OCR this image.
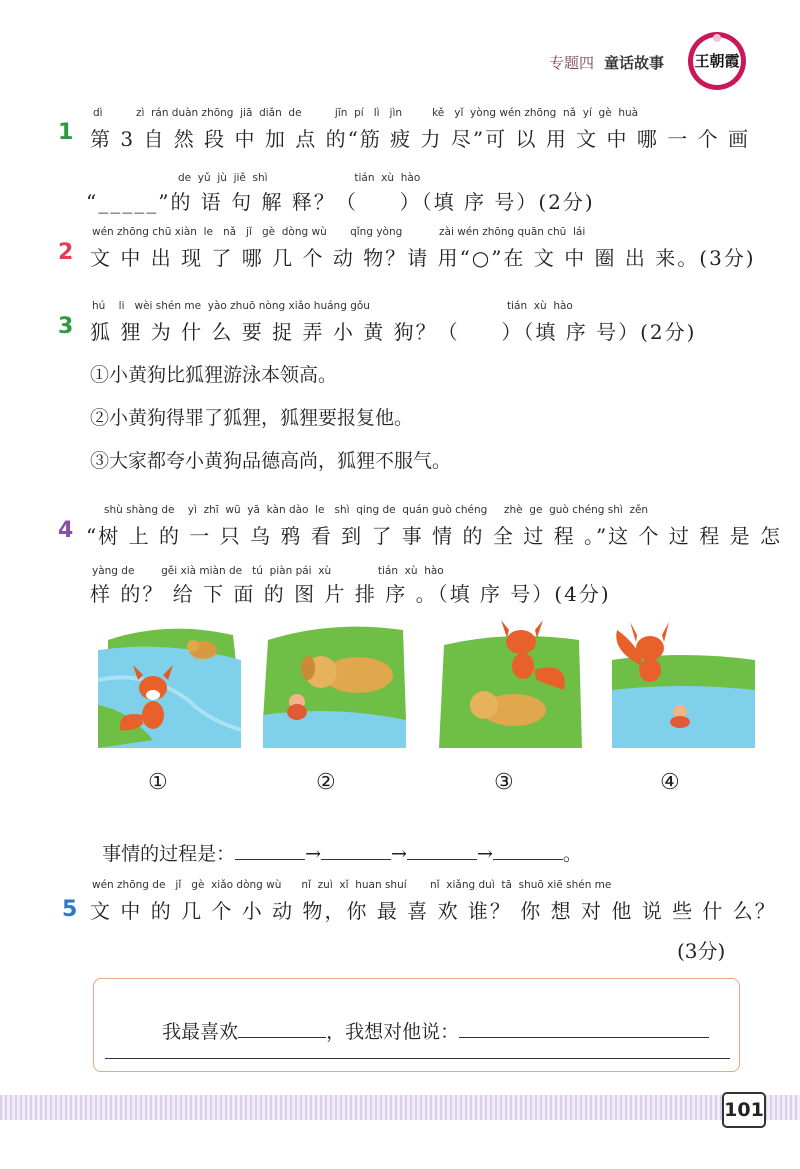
专题四 童话故事 王朝霞
1
dì          zì  rán duàn zhōng  jiā  diǎn  de          jīn  pí   lì   jìn         kě   yǐ  yòng wén zhōng  nǎ  yí  gè  huà
第 3 自 然 段 中 加 点 的“筋 疲 力 尽”可 以 用 文 中 哪 一 个 画
de  yǔ  jù  jiě  shì                          tián  xù  hào
“_____”的 语 句 解 释？（     ）（填 序 号）(2分)
2
wén zhōng chū xiàn  le   nǎ   jǐ   gè  dòng wù       qǐng yòng           zài wén zhōng quān chū  lái
文 中 出 现 了 哪 几 个 动 物？请 用“○”在 文 中 圈 出 来。(3分)
3
hú    li   wèi shén me  yào zhuō nòng xiǎo huáng gǒu	tián  xù  hào
狐 狸 为 什 么 要 捉 弄 小 黄 狗？（     ）（填 序 号）(2分)
①小黄狗比狐狸游泳本领高。
②小黄狗得罪了狐狸，狐狸要报复他。
③大家都夸小黄狗品德高尚，狐狸不服气。
4
shù shàng de    yì  zhī  wū  yā  kàn dào  le   shì  qing de  quán guò chéng     zhè  ge  guò chéng shì  zěn
“树 上 的 一 只 乌 鸦 看 到 了 事 情 的 全 过 程 。”这 个 过 程 是 怎
yàng de        gěi xià miàn de   tú  piàn pái  xù              tián  xù  hào
样 的？ 给 下 面 的 图 片 排 序 。（填 序 号）(4分)
①	②	③	④

事情的过程是：	→	→	→	。

5
wén zhōng de   jǐ   gè  xiǎo dòng wù      nǐ  zuì  xǐ  huan shuí       nǐ  xiǎng duì  tā  shuō xiē shén me
文 中 的 几 个 小 动 物，你 最 喜 欢 谁？ 你 想 对 他 说 些 什 么？
(3分)

我最喜欢	，我想对他说：

101
